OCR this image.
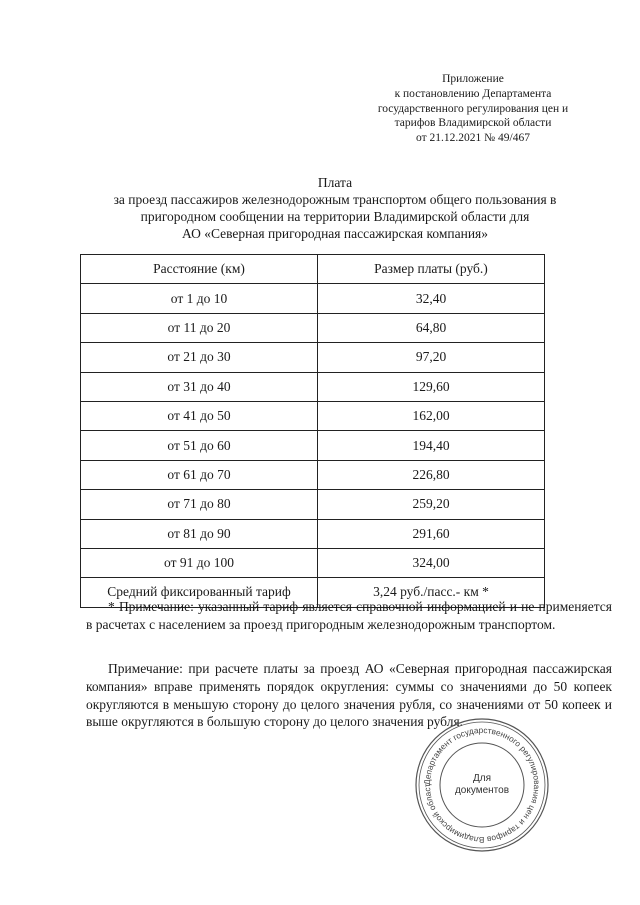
Приложение
к постановлению Департамента
государственного регулирования цен и
тарифов Владимирской области
от 21.12.2021 № 49/467
Плата
за проезд пассажиров железнодорожным транспортом общего пользования в
пригородном сообщении на территории Владимирской области для
АО «Северная пригородная пассажирская компания»
Расстояние (км)	Размер платы (руб.)
от 1 до 10	32,40
от 11 до 20	64,80
от 21 до 30	97,20
от 31 до 40	129,60
от 41 до 50	162,00
от 51 до 60	194,40
от 61 до 70	226,80
от 71 до 80	259,20
от 81 до 90	291,60
от 91 до 100	324,00
Средний фиксированный тариф	3,24 руб./пасс.- км *

* Примечание: указанный тариф является справочной информацией и не применяется в расчетах с населением за проезд пригородным железнодорожным транспортом.

Примечание: при расчете платы за проезд АО «Северная пригородная пассажирская компания» вправе применять порядок округления: суммы со значениями до 50 копеек округляются в меньшую сторону до целого значения рубля, со значениями от 50 копеек и выше округляются в большую сторону до целого значения рубля.

Департамент государственного регулирования цен и тарифов Владимирской област
Для
документов
